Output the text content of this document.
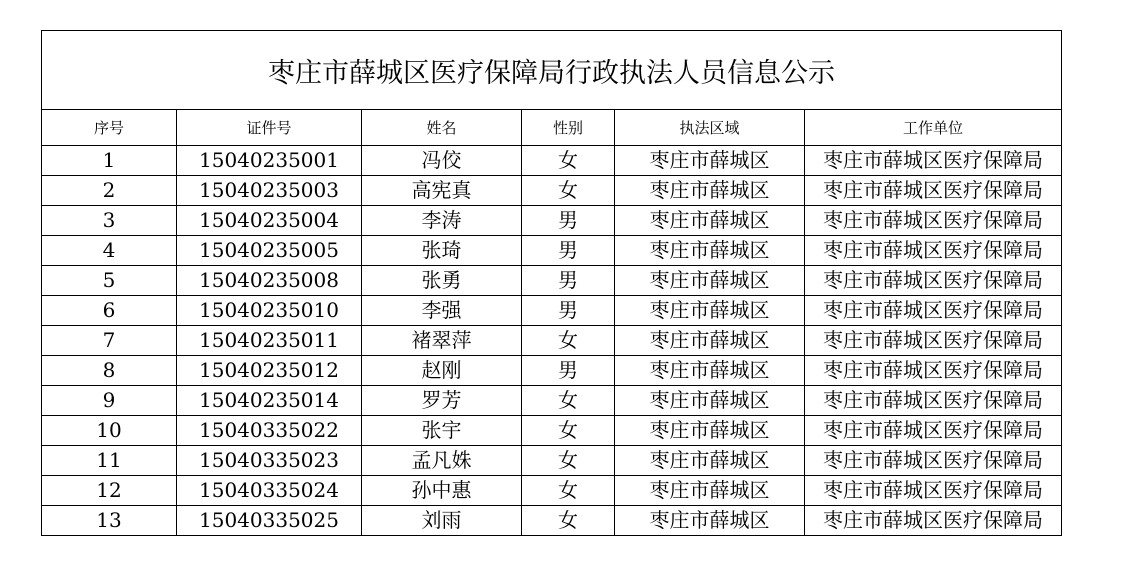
枣庄市薛城区医疗保障局行政执法人员信息公示					
序号	证件号	姓名	性别	执法区域	工作单位
1	15040235001	冯佼	女	枣庄市薛城区	枣庄市薛城区医疗保障局
2	15040235003	高宪真	女	枣庄市薛城区	枣庄市薛城区医疗保障局
3	15040235004	李涛	男	枣庄市薛城区	枣庄市薛城区医疗保障局
4	15040235005	张琦	男	枣庄市薛城区	枣庄市薛城区医疗保障局
5	15040235008	张勇	男	枣庄市薛城区	枣庄市薛城区医疗保障局
6	15040235010	李强	男	枣庄市薛城区	枣庄市薛城区医疗保障局
7	15040235011	褚翠萍	女	枣庄市薛城区	枣庄市薛城区医疗保障局
8	15040235012	赵刚	男	枣庄市薛城区	枣庄市薛城区医疗保障局
9	15040235014	罗芳	女	枣庄市薛城区	枣庄市薛城区医疗保障局
10	15040335022	张宇	女	枣庄市薛城区	枣庄市薛城区医疗保障局
11	15040335023	孟凡姝	女	枣庄市薛城区	枣庄市薛城区医疗保障局
12	15040335024	孙中惠	女	枣庄市薛城区	枣庄市薛城区医疗保障局
13	15040335025	刘雨	女	枣庄市薛城区	枣庄市薛城区医疗保障局
